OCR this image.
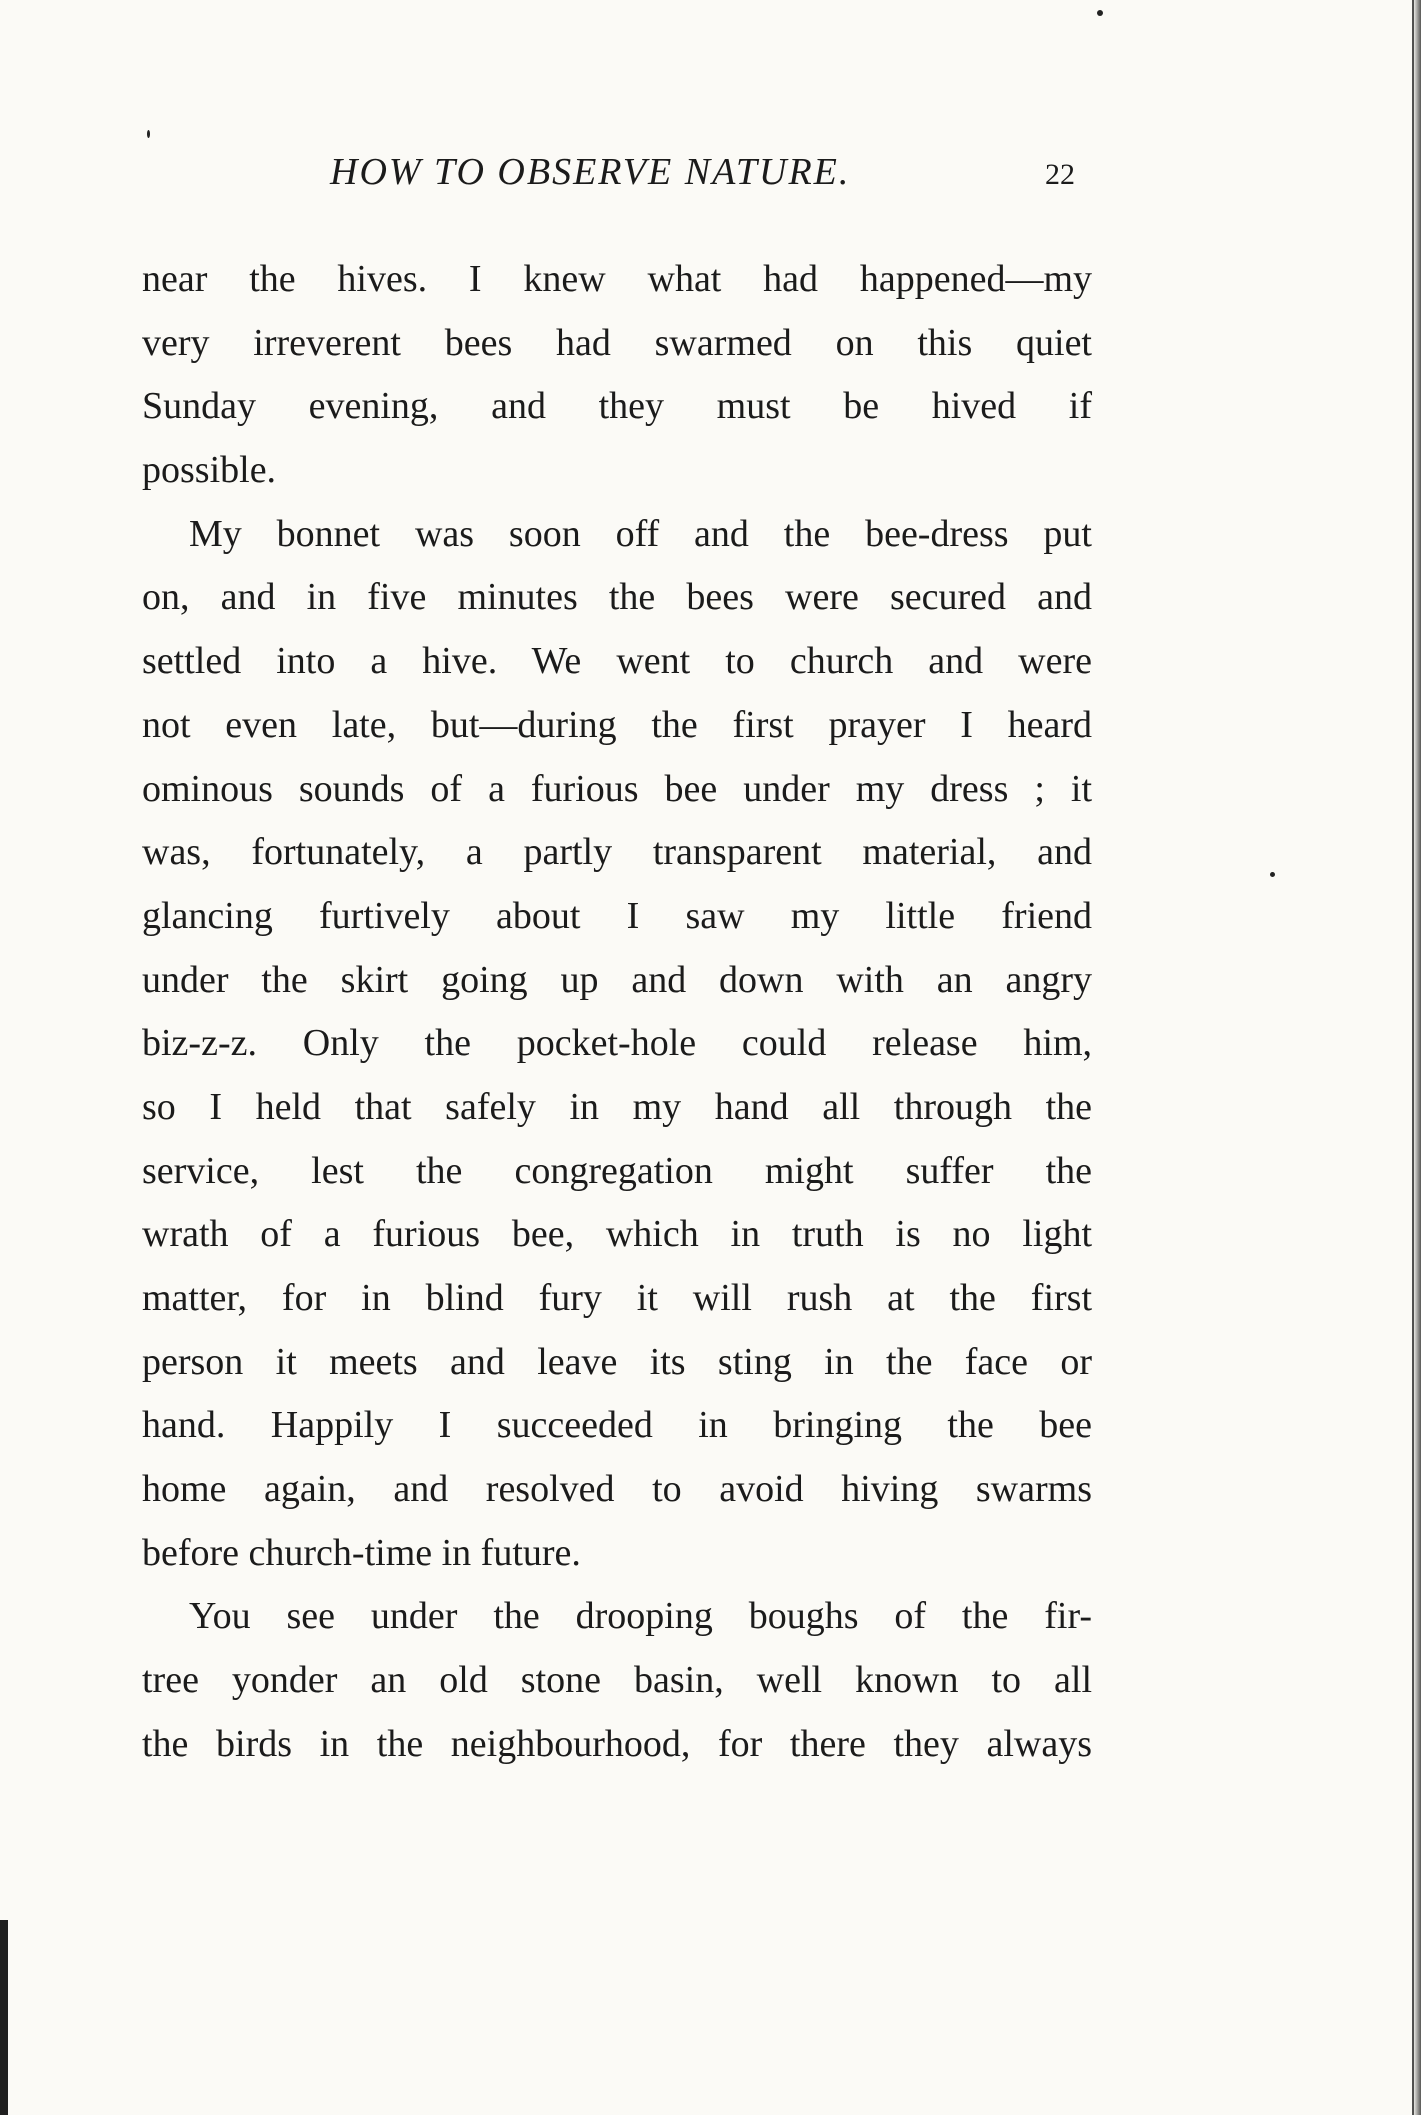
HOW TO OBSERVE NATURE.	22
near the hives. I knew what had happened—my
very irreverent bees had swarmed on this quiet
Sunday evening, and they must be hived if
possible.
My bonnet was soon off and the bee-dress put
on, and in five minutes the bees were secured and
settled into a hive. We went to church and were
not even late, but—during the first prayer I heard
ominous sounds of a furious bee under my dress ; it
was, fortunately, a partly transparent material, and
glancing furtively about I saw my little friend
under the skirt going up and down with an angry
biz-z-z. Only the pocket-hole could release him,
so I held that safely in my hand all through the
service, lest the congregation might suffer the
wrath of a furious bee, which in truth is no light
matter, for in blind fury it will rush at the first
person it meets and leave its sting in the face or
hand. Happily I succeeded in bringing the bee
home again, and resolved to avoid hiving swarms
before church-time in future.
You see under the drooping boughs of the fir-
tree yonder an old stone basin, well known to all
the birds in the neighbourhood, for there they always
